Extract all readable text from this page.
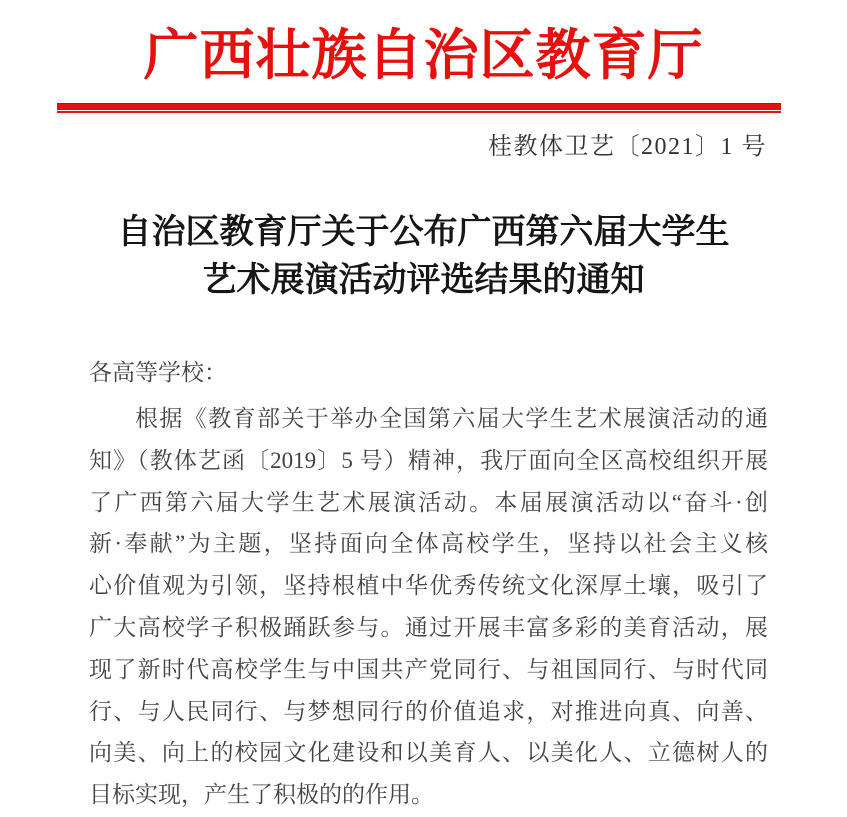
广西壮族自治区教育厅
桂教体卫艺〔2021〕1 号
自治区教育厅关于公布广西第六届大学生
艺术展演活动评选结果的通知
各高等学校：
根据《教育部关于举办全国第六届大学生艺术展演活动的通
知》（教体艺函〔2019〕5 号）精神，我厅面向全区高校组织开展
了广西第六届大学生艺术展演活动。本届展演活动以“奋斗·创
新·奉献”为主题，坚持面向全体高校学生，坚持以社会主义核
心价值观为引领，坚持根植中华优秀传统文化深厚土壤，吸引了
广大高校学子积极踊跃参与。通过开展丰富多彩的美育活动，展
现了新时代高校学生与中国共产党同行、与祖国同行、与时代同
行、与人民同行、与梦想同行的价值追求，对推进向真、向善、
向美、向上的校园文化建设和以美育人、以美化人、立德树人的
目标实现，产生了积极的的作用。
